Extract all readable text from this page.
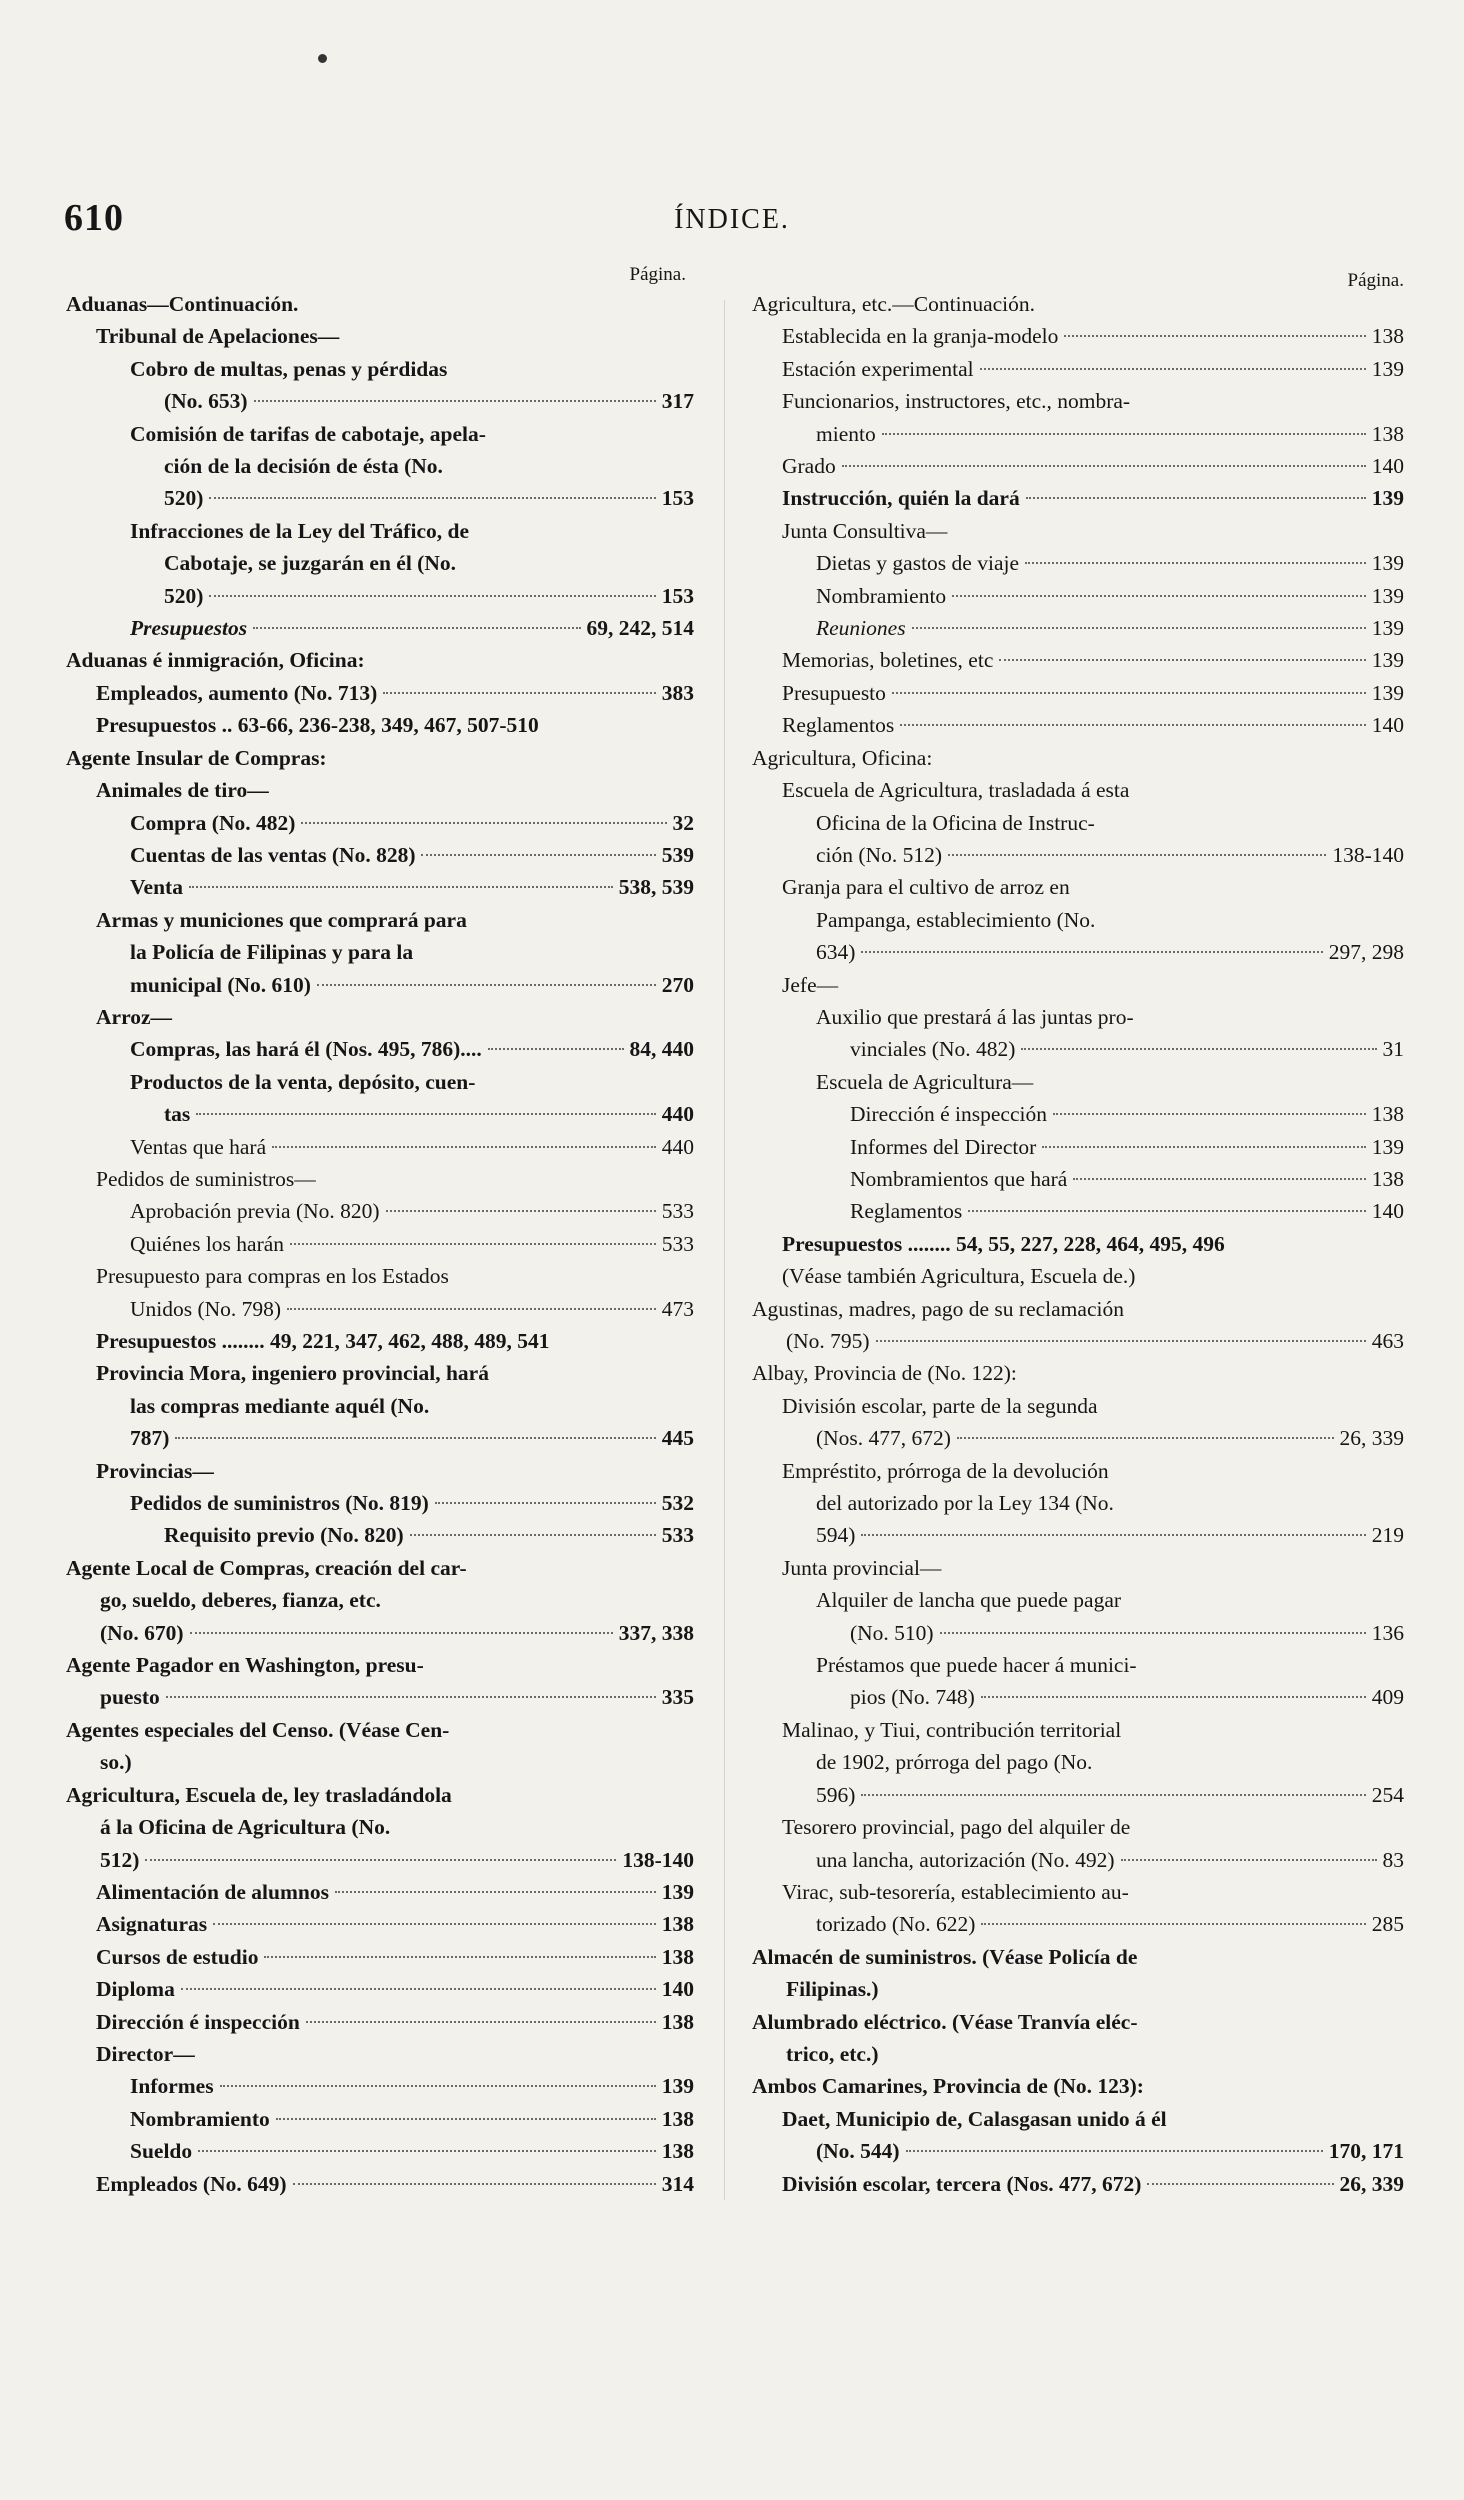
610	ÍNDICE.
Página.
Aduanas—Continuación.
Tribunal de Apelaciones—
Cobro de multas, penas y pérdidas
(No. 653)	317
Comisión de tarifas de cabotaje, apela-
ción de la decisión de ésta (No.
520)	153
Infracciones de la Ley del Tráfico, de
Cabotaje, se juzgarán en él (No.
520)	153
Presupuestos	69, 242, 514
Aduanas é inmigración, Oficina:
Empleados, aumento (No. 713)	383
Presupuestos .. 63-66, 236-238, 349, 467, 507-510
Agente Insular de Compras:
Animales de tiro—
Compra (No. 482)	32
Cuentas de las ventas (No. 828)	539
Venta	538, 539
Armas y municiones que comprará para
la Policía de Filipinas y para la
municipal (No. 610)	270
Arroz—
Compras, las hará él (Nos. 495, 786)....	84, 440
Productos de la venta, depósito, cuen-
tas	440
Ventas que hará	440
Pedidos de suministros—
Aprobación previa (No. 820)	533
Quiénes los harán	533
Presupuesto para compras en los Estados
Unidos (No. 798)	473
Presupuestos ........ 49, 221, 347, 462, 488, 489, 541
Provincia Mora, ingeniero provincial, hará
las compras mediante aquél (No.
787)	445
Provincias—
Pedidos de suministros (No. 819)	532
Requisito previo (No. 820)	533
Agente Local de Compras, creación del car-
go, sueldo, deberes, fianza, etc.
(No. 670)	337, 338
Agente Pagador en Washington, presu-
puesto	335
Agentes especiales del Censo. (Véase Cen-
so.)
Agricultura, Escuela de, ley trasladándola
á la Oficina de Agricultura (No.
512)	138-140
Alimentación de alumnos	139
Asignaturas	138
Cursos de estudio	138
Diploma	140
Dirección é inspección	138
Director—
Informes	139
Nombramiento	138
Sueldo	138
Empleados (No. 649)	314
Página.
Agricultura, etc.—Continuación.
Establecida en la granja-modelo	138
Estación experimental	139
Funcionarios, instructores, etc., nombra-
miento	138
Grado	140
Instrucción, quién la dará	139
Junta Consultiva—
Dietas y gastos de viaje	139
Nombramiento	139
Reuniones	139
Memorias, boletines, etc	139
Presupuesto	139
Reglamentos	140
Agricultura, Oficina:
Escuela de Agricultura, trasladada á esta
Oficina de la Oficina de Instruc-
ción (No. 512)	138-140
Granja para el cultivo de arroz en
Pampanga, establecimiento (No.
634)	297, 298
Jefe—
Auxilio que prestará á las juntas pro-
vinciales (No. 482)	31
Escuela de Agricultura—
Dirección é inspección	138
Informes del Director	139
Nombramientos que hará	138
Reglamentos	140
Presupuestos ........ 54, 55, 227, 228, 464, 495, 496
(Véase también Agricultura, Escuela de.)
Agustinas, madres, pago de su reclamación
(No. 795)	463
Albay, Provincia de (No. 122):
División escolar, parte de la segunda
(Nos. 477, 672)	26, 339
Empréstito, prórroga de la devolución
del autorizado por la Ley 134 (No.
594)	219
Junta provincial—
Alquiler de lancha que puede pagar
(No. 510)	136
Préstamos que puede hacer á munici-
pios (No. 748)	409
Malinao, y Tiui, contribución territorial
de 1902, prórroga del pago (No.
596)	254
Tesorero provincial, pago del alquiler de
una lancha, autorización (No. 492)	83
Virac, sub-tesorería, establecimiento au-
torizado (No. 622)	285
Almacén de suministros. (Véase Policía de
Filipinas.)
Alumbrado eléctrico. (Véase Tranvía eléc-
trico, etc.)
Ambos Camarines, Provincia de (No. 123):
Daet, Municipio de, Calasgasan unido á él
(No. 544)	170, 171
División escolar, tercera (Nos. 477, 672)	26, 339
